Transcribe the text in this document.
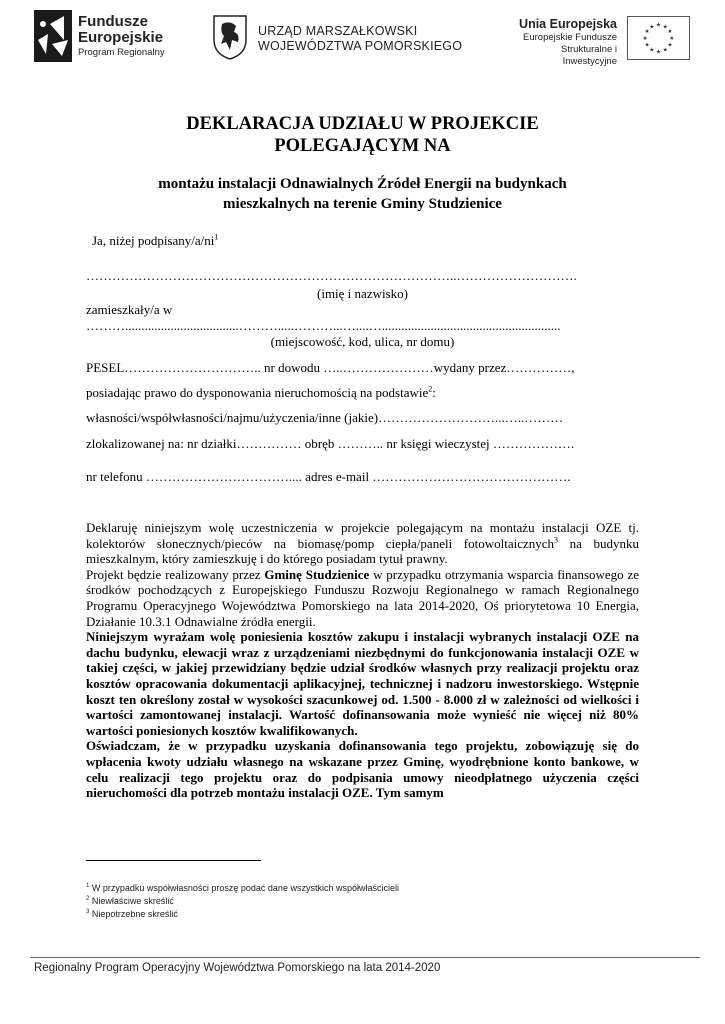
Fundusze
Europejskie
Program Regionalny
URZĄD MARSZAŁKOWSKI
WOJEWÓDZTWA POMORSKIEGO
Unia Europejska
Europejskie Fundusze
Strukturalne i Inwestycyjne
★ ★
★
★
★
★
★
★
★
★
★
★
DEKLARACJA UDZIAŁU W PROJEKCIE
POLEGAJĄCYM NA
montażu instalacji Odnawialnych Źródeł Energii na budynkach
mieszkalnych na terenie Gminy Studzienice
Ja, niżej podpisany/$a/ni^1$
…………………………………………………………………………..……………………….
(imię i nazwisko)
zamieszkały/a w
………...................................……….....………...…....….......................................................
(miejscowość, kod, ulica, nr domu)
PESEL………………………….. nr dowodu …..…………………wydany przez……………,
posiadając prawo do dysponowania nieruchomością na podstawie$^2$:
własności/współwłasności/najmu/użyczenia/inne (jakie)………………………...…..………
zlokalizowanej na: nr działki…………… obręb ……….. nr księgi wieczystej ……………….
nr telefonu …………………………….... adres e-mail ……………………………………….

Deklaruję niniejszym wolę uczestniczenia w projekcie polegającym na montażu instalacji OZE tj. kolektorów słonecznych/pieców na biomasę/pomp ciepła/paneli fotowoltaicznych$^3$ na budynku mieszkalnym, który zamieszkuję i do którego posiadam tytuł prawny.

Projekt będzie realizowany przez Gminę Studzienice w przypadku otrzymania wsparcia finansowego ze środków pochodzących z Europejskiego Funduszu Rozwoju Regionalnego w ramach Regionalnego Programu Operacyjnego Województwa Pomorskiego na lata 2014-2020, Oś priorytetowa 10 Energia, Działanie 10.3.1 Odnawialne źródła energii.

Niniejszym wyrażam wolę poniesienia kosztów zakupu i instalacji wybranych instalacji OZE na dachu budynku, elewacji wraz z urządzeniami niezbędnymi do funkcjonowania instalacji OZE w takiej części, w jakiej przewidziany będzie udział środków własnych przy realizacji projektu oraz kosztów opracowania dokumentacji aplikacyjnej, technicznej i nadzoru inwestorskiego. Wstępnie koszt ten określony został w wysokości szacunkowej od. 1.500 - 8.000 zł w zależności od wielkości i wartości zamontowanej instalacji. Wartość dofinansowania może wynieść nie więcej niż 80% wartości poniesionych kosztów kwalifikowanych.

Oświadczam, że w przypadku uzyskania dofinansowania tego projektu, zobowiązuję się do wpłacenia kwoty udziału własnego na wskazane przez Gminę, wyodrębnione konto bankowe, w celu realizacji tego projektu oraz do podpisania umowy nieodpłatnego użyczenia części nieruchomości dla potrzeb montażu instalacji OZE. Tym samym

$^1$ W przypadku współwłasności proszę podać dane wszystkich współwłaścicieli
$^2$ Niewłaściwe skreślić
$^3$ Niepotrzebne skreślić
Regionalny Program Operacyjny Województwa Pomorskiego na lata 2014-2020
